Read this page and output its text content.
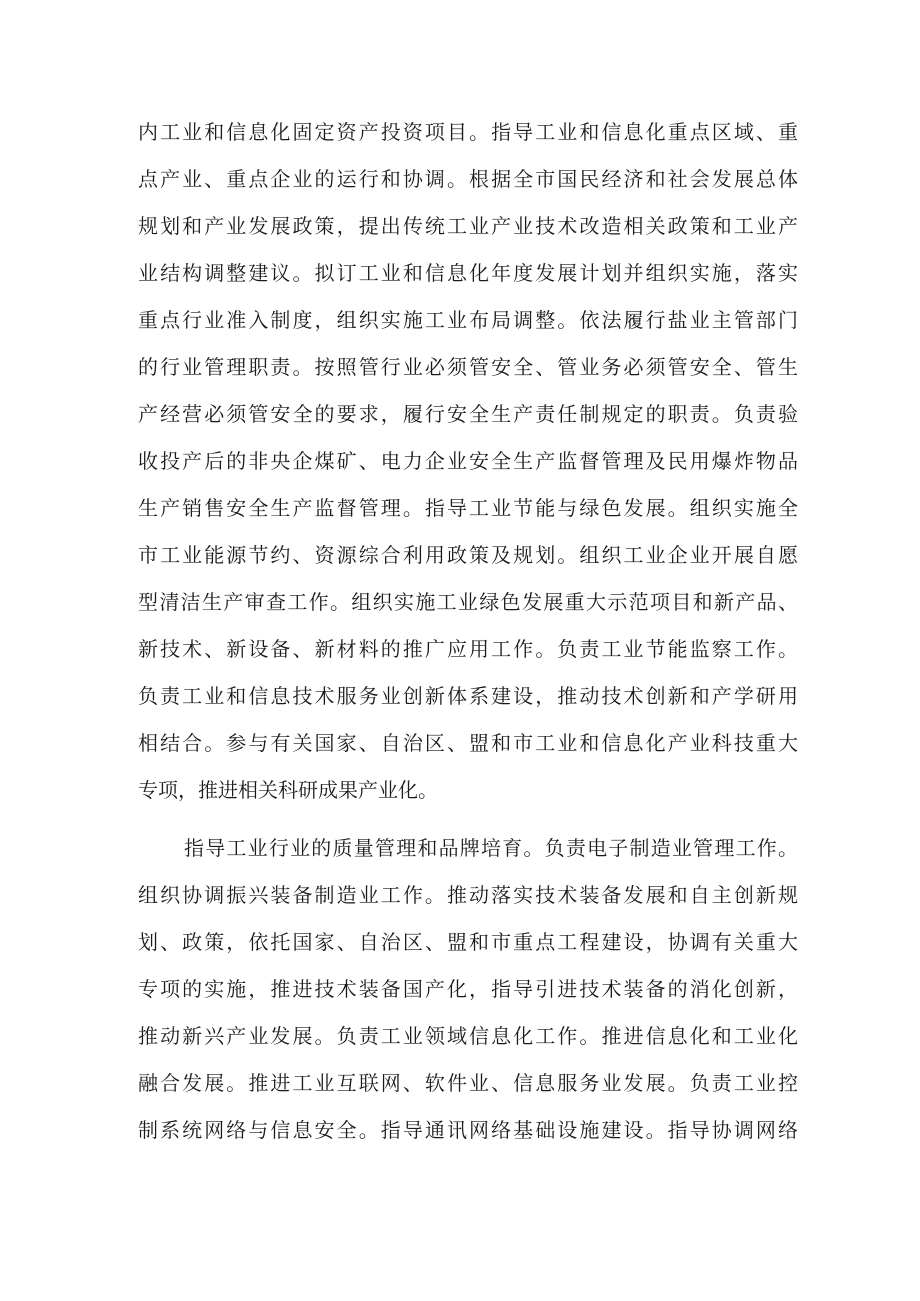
内工业和信息化固定资产投资项目。指导工业和信息化重点区域、重
点产业、重点企业的运行和协调。根据全市国民经济和社会发展总体
规划和产业发展政策，提出传统工业产业技术改造相关政策和工业产
业结构调整建议。拟订工业和信息化年度发展计划并组织实施，落实
重点行业准入制度，组织实施工业布局调整。依法履行盐业主管部门
的行业管理职责。按照管行业必须管安全、管业务必须管安全、管生
产经营必须管安全的要求，履行安全生产责任制规定的职责。负责验
收投产后的非央企煤矿、电力企业安全生产监督管理及民用爆炸物品
生产销售安全生产监督管理。指导工业节能与绿色发展。组织实施全
市工业能源节约、资源综合利用政策及规划。组织工业企业开展自愿
型清洁生产审查工作。组织实施工业绿色发展重大示范项目和新产品、
新技术、新设备、新材料的推广应用工作。负责工业节能监察工作。
负责工业和信息技术服务业创新体系建设，推动技术创新和产学研用
相结合。参与有关国家、自治区、盟和市工业和信息化产业科技重大
专项，推进相关科研成果产业化。
指导工业行业的质量管理和品牌培育。负责电子制造业管理工作。
组织协调振兴装备制造业工作。推动落实技术装备发展和自主创新规
划、政策，依托国家、自治区、盟和市重点工程建设，协调有关重大
专项的实施，推进技术装备国产化，指导引进技术装备的消化创新，
推动新兴产业发展。负责工业领域信息化工作。推进信息化和工业化
融合发展。推进工业互联网、软件业、信息服务业发展。负责工业控
制系统网络与信息安全。指导通讯网络基础设施建设。指导协调网络
